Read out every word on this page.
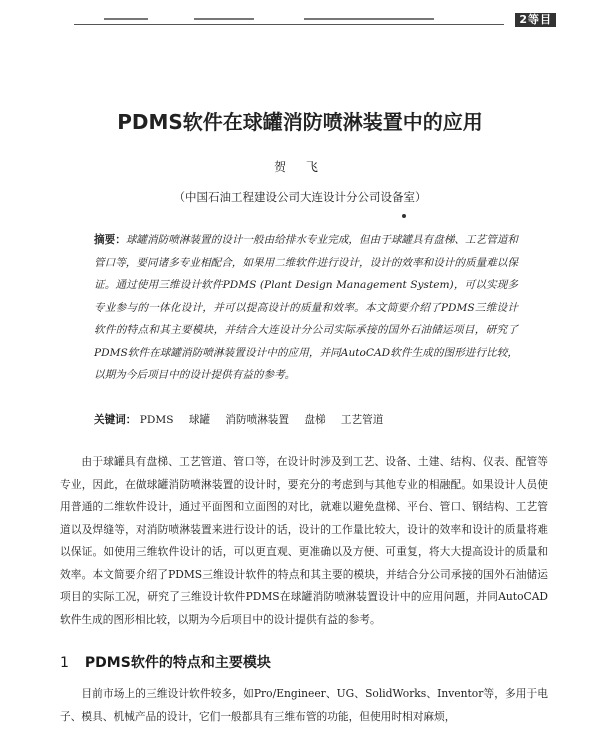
2等目
PDMS软件在球罐消防喷淋装置中的应用
贺 飞
（中国石油工程建设公司大连设计分公司设备室）
摘要：球罐消防喷淋装置的设计一般由给排水专业完成，但由于球罐具有盘梯、工艺管道和管口等，要同诸多专业相配合，如果用二维软件进行设计，设计的效率和设计的质量难以保证。通过使用三维设计软件PDMS (Plant Design Management System)，可以实现多专业参与的一体化设计，并可以提高设计的质量和效率。本文简要介绍了PDMS三维设计软件的特点和其主要模块，并结合大连设计分公司实际承接的国外石油储运项目，研究了PDMS软件在球罐消防喷淋装置设计中的应用，并同AutoCAD软件生成的图形进行比较，以期为今后项目中的设计提供有益的参考。
关键词： PDMS 球罐 消防喷淋装置 盘梯 工艺管道
由于球罐具有盘梯、工艺管道、管口等，在设计时涉及到工艺、设备、土建、结构、仪表、配管等专业，因此，在做球罐消防喷淋装置的设计时，要充分的考虑到与其他专业的相融配。如果设计人员使用普通的二维软件设计，通过平面图和立面图的对比，就难以避免盘梯、平台、管口、钢结构、工艺管道以及焊缝等，对消防喷淋装置来进行设计的话，设计的工作量比较大，设计的效率和设计的质量将难以保证。如使用三维软件设计的话，可以更直观、更准确以及方便、可重复，将大大提高设计的质量和效率。本文简要介绍了PDMS三维设计软件的特点和其主要的模块，并结合分公司承接的国外石油储运项目的实际工况，研究了三维设计软件PDMS在球罐消防喷淋装置设计中的应用问题，并同AutoCAD软件生成的图形相比较，以期为今后项目中的设计提供有益的参考。
1 PDMS软件的特点和主要模块
目前市场上的三维设计软件较多，如Pro/Engineer、UG、SolidWorks、Inventor等，多用于电子、模具、机械产品的设计，它们一般都具有三维布管的功能，但使用时相对麻烦，
